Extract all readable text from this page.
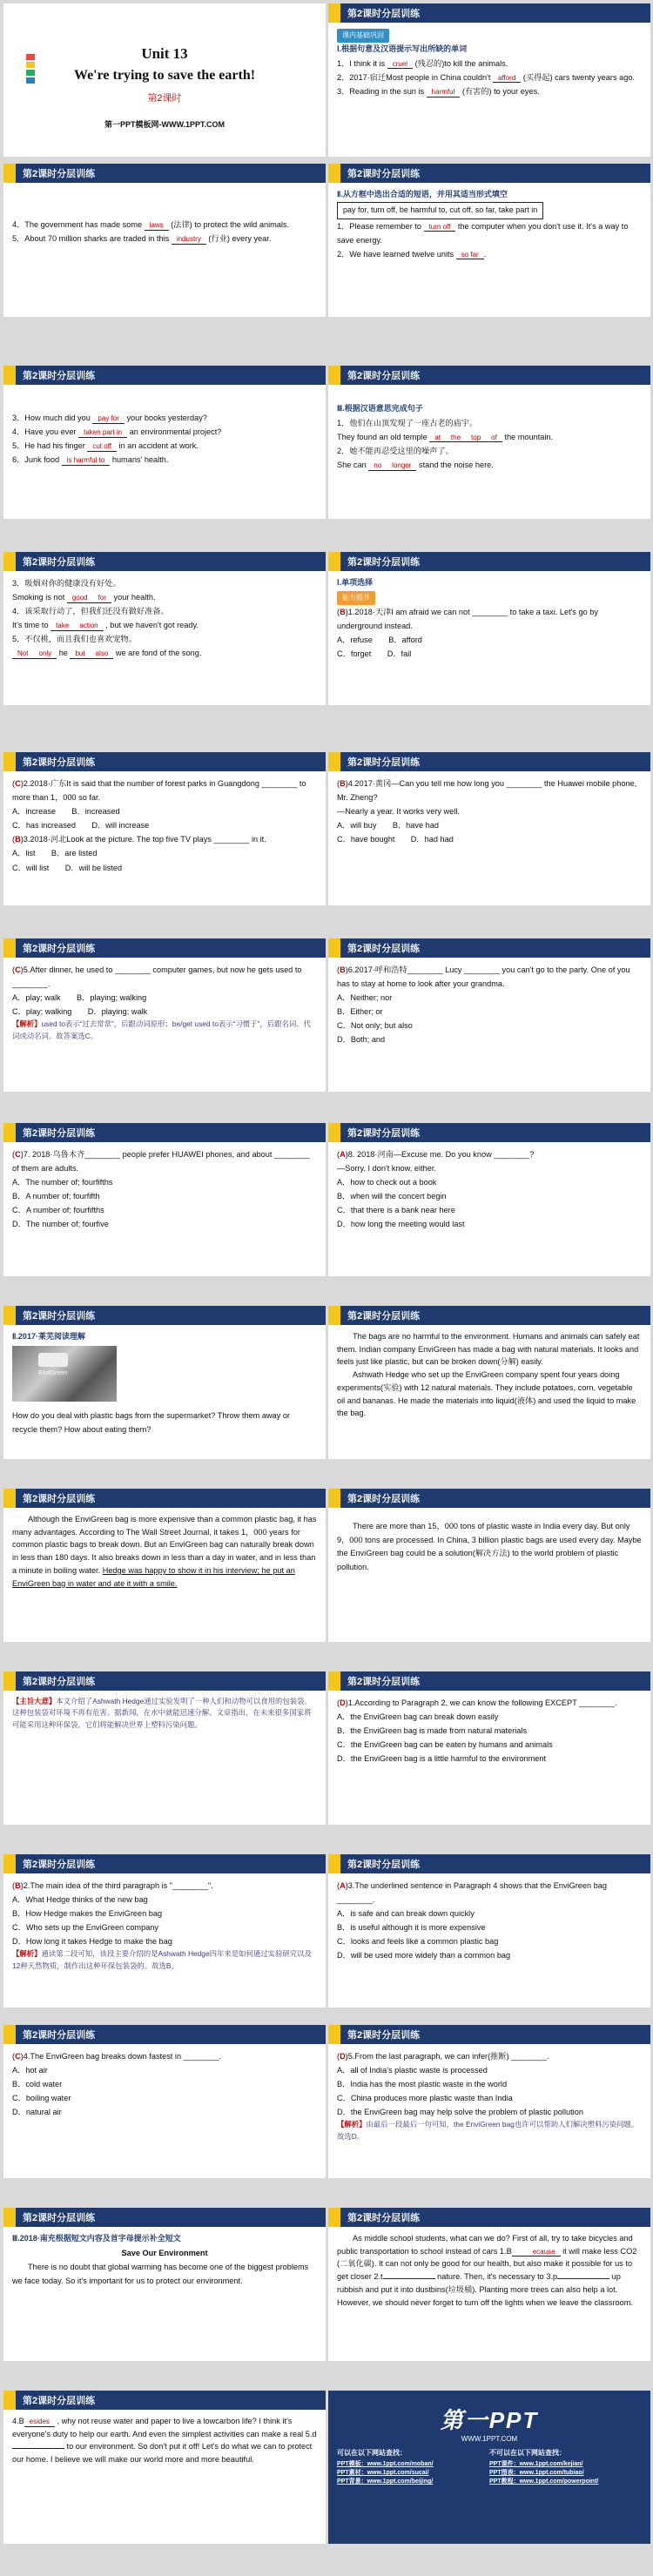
Unit 13
We're trying to save the earth!
第2课时
第一PPT模板网-WWW.1PPT.COM
第2课时分层训练

课内基础巩固

Ⅰ.根据句意及汉语提示写出所缺的单词

1．I think it is cruel (残忍的)to kill the animals.

2．2017·宿迁Most people in China couldn't afford (买得起) cars twenty years ago.

3．Reading in the sun is harmful (有害的) to your eyes.

第2课时分层训练

4．The government has made some laws (法律) to protect the wild animals.

5．About 70 million sharks are traded in this industry (行业) every year.

第2课时分层训练

Ⅱ.从方框中选出合适的短语，并用其适当形式填空

pay for, turn off, be harmful to, cut off, so far, take part in

1．Please remember to turn off the computer when you don't use it. It's a way to save energy.

2．We have learned twelve units so far .

第2课时分层训练

3．How much did you pay for your books yesterday?

4．Have you ever taken part in an environmental project?

5．He had his finger cut off in an accident at work.

6．Junk food is harmful to humans' health.

第2课时分层训练

Ⅲ.根据汉语意思完成句子

1．他们在山顶发现了一座古老的庙宇。

They found an old temple at the top of the mountain.

2．她不能再忍受这里的噪声了。

She can no longer stand the noise here.

第2课时分层训练

3．吸烟对你的健康没有好处。

Smoking is not good for your health.

4．该采取行动了，但我们还没有做好准备。

It's time to take action , but we haven't got ready.

5．不仅桃，而且我们也喜欢宠物。

Not only he but also we are fond of the song.

第2课时分层训练

Ⅰ.单项选择

能力提升

(B)1.2018·天津I am afraid we can not ________ to take a taxi. Let's go by underground instead.

A．refuse   B．afford

C．forget   D．fail

第2课时分层训练

(C)2.2018·广东It is said that the number of forest parks in Guangdong ________ to more than 1，000 so far.

A．increase   B．increased

C．has increased   D．will increase

(B)3.2018·河北Look at the picture. The top five TV plays ________ in it.

A．list   B．are listed

C．will list   D．will be listed

第2课时分层训练

(B)4.2017·黄冈—Can you tell me how long you ________ the Huawei mobile phone, Mr. Zheng?

—Nearly a year. It works very well.

A．will buy   B．have had

C．have bought   D．had had

第2课时分层训练

(C)5.After dinner, he used to ________ computer games, but now he gets used to ________.

A．play; walk   B．playing; walking

C．play; walking   D．playing; walk

【解析】used to表示“过去常常”，后跟动词原形；be/get used to表示“习惯于”，后跟名词、代词或动名词。故答案选C。

第2课时分层训练

(B)6.2017·呼和浩特________ Lucy ________ you can't go to the party. One of you has to stay at home to look after your grandma.

A．Neither; nor

B．Either; or

C．Not only; but also

D．Both; and

第2课时分层训练

(C)7. 2018·乌鲁木齐________ people prefer HUAWEI phones, and about ________ of them are adults.

A．The number of; fourfifths

B．A number of; fourfifth

C．A number of; fourfifths

D．The number of; fourfive

第2课时分层训练

(A)8. 2018·河南—Excuse me. Do you know ________?

—Sorry, I don't know, either.

A．how to check out a book

B．when will the concert begin

C．that there is a bank near here

D．how long the meeting would last

第2课时分层训练

Ⅱ.2017·莱芜阅读理解

EnviGreen

How do you deal with plastic bags from the supermarket? Throw them away or recycle them? How about eating them?

第2课时分层训练

The bags are no harmful to the environment. Humans and animals can safely eat them. Indian company EnviGreen has made a bag with natural materials. It looks and feels just like plastic, but can be broken down(分解) easily.

Ashwath Hedge who set up the EnviGreen company spent four years doing experiments(实验) with 12 natural materials. They include potatoes, corn, vegetable oil and bananas. He made the materials into liquid(液体) and used the liquid to make the bag.

第2课时分层训练

Although the EnviGreen bag is more expensive than a common plastic bag, it has many advantages. According to The Wall Street Journal, it takes 1，000 years for common plastic bags to break down. But an EnviGreen bag can naturally break down in less than 180 days. It also breaks down in less than a day in water, and in less than a minute in boiling water. Hedge was happy to show it in his interview; he put an EnviGreen bag in water and ate it with a smile.

第2课时分层训练

There are more than 15，000 tons of plastic waste in India every day. But only 9，000 tons are processed. In China, 3 billion plastic bags are used every day. Maybe the EnviGreen bag could be a solution(解决方法) to the world problem of plastic pollution.

第2课时分层训练

【主旨大意】本文介绍了Ashwath Hedge通过实验发明了一种人们和动物可以食用的包装袋。这种包装袋对环境不再有危害。据新闻，在水中就能迅速分解。文章指出，在未来很多国家将可能采用这种环保袋，它们将能解决世界上塑料污染问题。

第2课时分层训练

(D)1.According to Paragraph 2, we can know the following EXCEPT ________.

A．the EnviGreen bag can break down easily

B．the EnviGreen bag is made from natural materials

C．the EnviGreen bag can be eaten by humans and animals

D．the EnviGreen bag is a little harmful to the environment

第2课时分层训练

(B)2.The main idea of the third paragraph is "________".

A．What Hedge thinks of the new bag

B．How Hedge makes the EnviGreen bag

C．Who sets up the EnviGreen company

D．How long it takes Hedge to make the bag

【解析】通读第二段可知，该段主要介绍的是Ashwath Hedge四年来是如何通过实验研究以及12种天然物质，制作出这种环保包装袋的。故选B。

第2课时分层训练

(A)3.The underlined sentence in Paragraph 4 shows that the EnviGreen bag ________.

A．is safe and can break down quickly

B．is useful although it is more expensive

C．looks and feels like a common plastic bag

D．will be used more widely than a common bag

第2课时分层训练

(C)4.The EnviGreen bag breaks down fastest in ________.

A．hot air

B．cold water

C．boiling water

D．natural air

第2课时分层训练

(D)5.From the last paragraph, we can infer(推断) ________.

A．all of India's plastic waste is processed

B．India has the most plastic waste in the world

C．China produces more plastic waste than India

D．the EnviGreen bag may help solve the problem of plastic pollution

【解析】由最后一段最后一句可知，the EnviGreen bag也许可以帮助人们解决塑料污染问题。故选D。

第2课时分层训练

Ⅲ.2018·南充根据短文内容及首字母提示补全短文

Save Our Environment

There is no doubt that global warming has become one of the biggest problems we face today. So it's important for us to protect our environment.

第2课时分层训练

As middle school students, what can we do? First of all, try to take bicycles and public transportation to school instead of cars 1.B	ecause it will make less CO2 (二氧化碳). It can not only be good for our health, but also make it possible for us to get closer 2.t	nature. Then, it's necessary to 3.p	up rubbish and put it into dustbins(垃圾桶). Planting more trees can also help a lot. However, we should never forget to turn off the lights when we leave the classroom.

第2课时分层训练

4.B esides , why not reuse water and paper to live a lowcarbon life? I think it's everyone's duty to help our earth. And even the simplest activities can make a real 5.d to our environment. So don't put it off! Let's do what we can to protect our home. I believe we will make our world more and more beautiful.

第一PPT
WWW.1PPT.COM
可以在以下网站查找：
PPT模板：www.1ppt.com/moban/
PPT素材：www.1ppt.com/sucai/
PPT背景：www.1ppt.com/beijing/
不可以在以下网站查找：
PPT课件：www.1ppt.com/kejian/
PPT图表：www.1ppt.com/tubiao/
PPT教程：www.1ppt.com/powerpoint/
